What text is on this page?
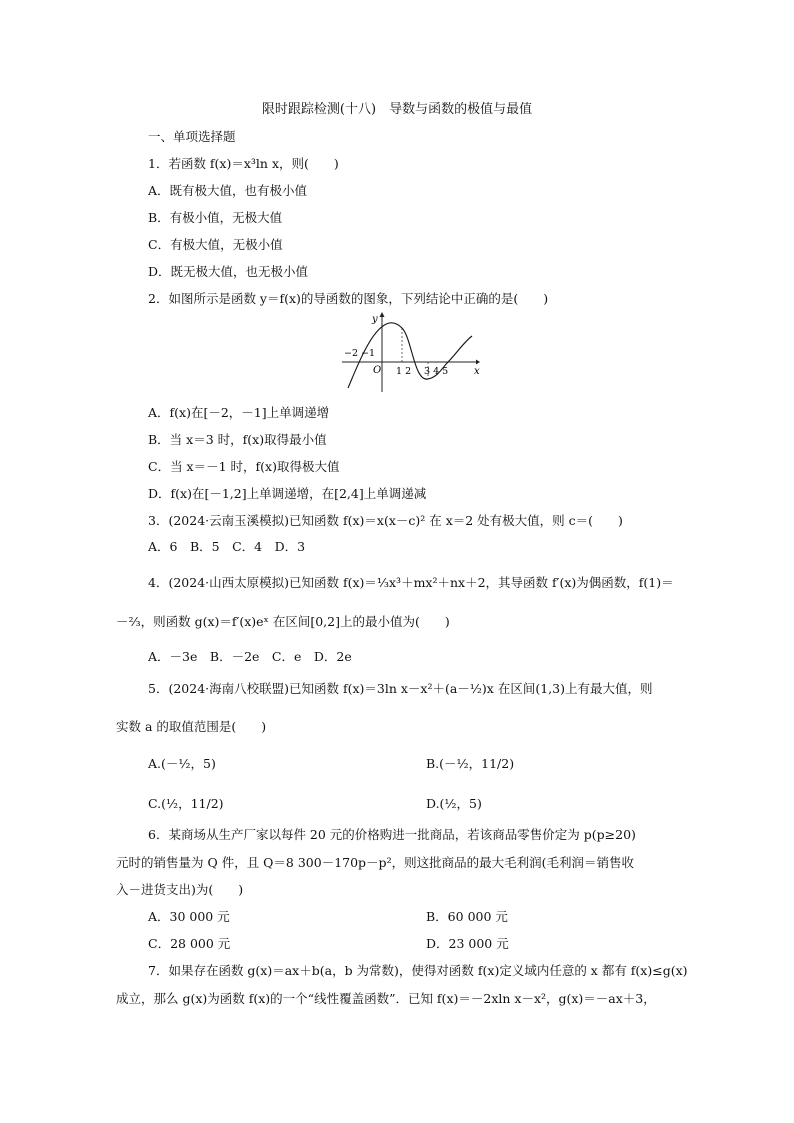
限时跟踪检测(十八)　导数与函数的极值与最值
一、单项选择题
1．若函数 f(x)＝x³ln x，则(　　)
A．既有极大值，也有极小值
B．有极小值，无极大值
C．有极大值，无极小值
D．既无极大值，也无极小值
2．如图所示是函数 y＝f(x)的导函数的图象，下列结论中正确的是(　　)
y
x
O
−2 −1
1 2 3 4 5
A．f(x)在[－2，－1]上单调递增
B．当 x＝3 时，f(x)取得最小值
C．当 x＝－1 时，f(x)取得极大值
D．f(x)在[－1,2]上单调递增，在[2,4]上单调递减
3．(2024·云南玉溪模拟)已知函数 f(x)＝x(x－c)² 在 x＝2 处有极大值，则 c＝(　　)
A．6　B．5　C．4　D．3
4．(2024·山西太原模拟)已知函数 f(x)＝⅓x³＋mx²＋nx＋2，其导函数 f′(x)为偶函数，f(1)＝
－⅔，则函数 g(x)＝f′(x)eˣ 在区间[0,2]上的最小值为(　　)
A．－3e　B．－2e　C．e　D．2e
5．(2024·海南八校联盟)已知函数 f(x)＝3ln x－x²＋(a－½)x 在区间(1,3)上有最大值，则
实数 a 的取值范围是(　　)
A.(－½，5)	B.(－½，11/2)
C.(½，11/2)	D.(½，5)
6．某商场从生产厂家以每件 20 元的价格购进一批商品，若该商品零售价定为 p(p≥20)
元时的销售量为 Q 件，且 Q＝8 300－170p－p²，则这批商品的最大毛利润(毛利润＝销售收
入－进货支出)为(　　)
A．30 000 元	B．60 000 元
C．28 000 元	D．23 000 元
7．如果存在函数 g(x)＝ax＋b(a，b 为常数)，使得对函数 f(x)定义域内任意的 x 都有 f(x)≤g(x)
成立，那么 g(x)为函数 f(x)的一个“线性覆盖函数”．已知 f(x)＝－2xln x－x²，g(x)＝－ax＋3，
